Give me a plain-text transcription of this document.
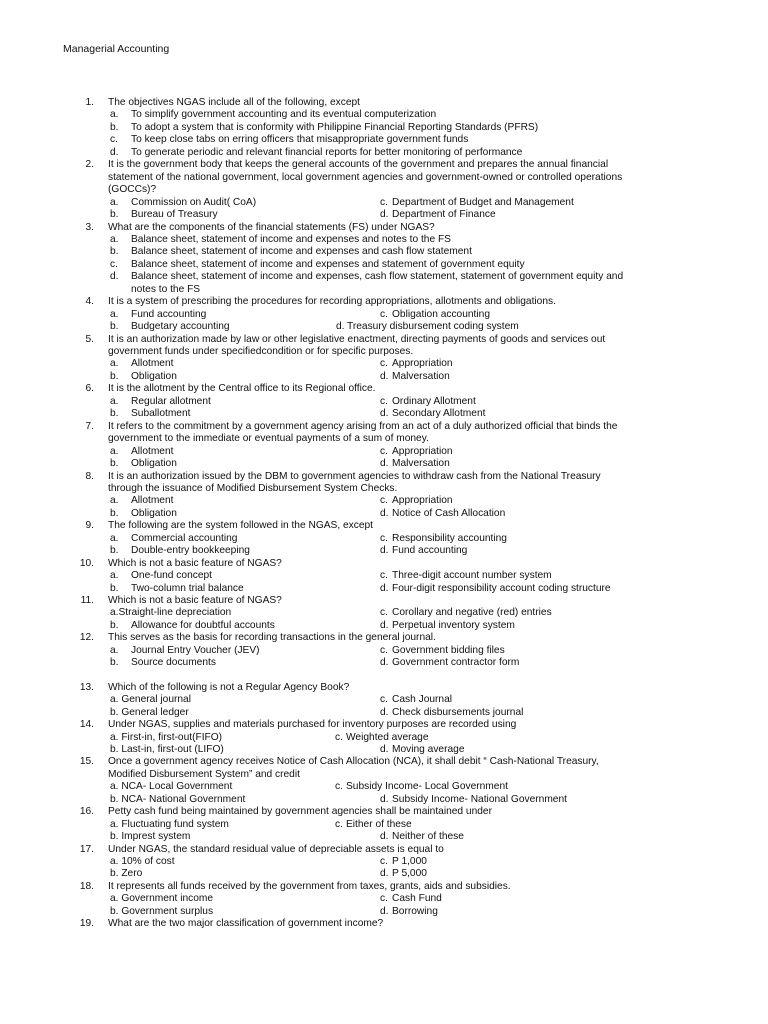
Managerial Accounting
1. The objectives NGAS include all of the following, except
a. To simplify government accounting and its eventual computerization
b. To adopt a system that is conformity with Philippine Financial Reporting Standards (PFRS)
c. To keep close tabs on erring officers that misappropriate government funds
d. To generate periodic and relevant financial reports for better monitoring of performance
2. It is the government body that keeps the general accounts of the government and prepares the annual financial
statement of the national government, local government agencies and government-owned or controlled operations
(GOCCs)?
a. Commission on Audit( CoA)	c. Department of Budget and Management
b. Bureau of Treasury	d. Department of Finance
3. What are the components of the financial statements (FS) under NGAS?
a. Balance sheet, statement of income and expenses and notes to the FS
b. Balance sheet, statement of income and expenses and cash flow statement
c. Balance sheet, statement of income and expenses and statement of government equity
d. Balance sheet, statement of income and expenses, cash flow statement, statement of government equity and
notes to the FS
4. It is a system of prescribing the procedures for recording appropriations, allotments and obligations.
a. Fund accounting	c. Obligation accounting
b. Budgetary accounting	d. Treasury disbursement coding system
5. It is an authorization made by law or other legislative enactment, directing payments of goods and services out
government funds under specifiedcondition or for specific purposes.
a. Allotment	c. Appropriation
b. Obligation	d. Malversation
6. It is the allotment by the Central office to its Regional office.
a. Regular allotment	c. Ordinary Allotment
b. Suballotment	d. Secondary Allotment
7. It refers to the commitment by a government agency arising from an act of a duly authorized official that binds the
government to the immediate or eventual payments of a sum of money.
a. Allotment	c. Appropriation
b. Obligation	d. Malversation
8. It is an authorization issued by the DBM to government agencies to withdraw cash from the National Treasury
through the issuance of Modified Disbursement System Checks.
a. Allotment	c. Appropriation
b. Obligation	d. Notice of Cash Allocation
9. The following are the system followed in the NGAS, except
a. Commercial accounting	c. Responsibility accounting
b. Double-entry bookkeeping	d. Fund accounting
10. Which is not a basic feature of NGAS?
a. One-fund concept	c. Three-digit account number system
b. Two-column trial balance	d. Four-digit responsibility account coding structure
11. Which is not a basic feature of NGAS?
a.Straight-line depreciation	c. Corollary and negative (red) entries
b. Allowance for doubtful accounts	d. Perpetual inventory system
12. This serves as the basis for recording transactions in the general journal.
a. Journal Entry Voucher (JEV)	c. Government bidding files
b. Source documents	d. Government contractor form
13. Which of the following is not a Regular Agency Book?
a. General journal	c. Cash Journal
b. General ledger	d. Check disbursements journal
14. Under NGAS, supplies and materials purchased for inventory purposes are recorded using
a. First-in, first-out(FIFO)	c. Weighted average
b. Last-in, first-out (LIFO)	d. Moving average
15. Once a government agency receives Notice of Cash Allocation (NCA), it shall debit “ Cash-National Treasury,
Modified Disbursement System” and credit
a. NCA- Local Government	c. Subsidy Income- Local Government
b. NCA- National Government	d. Subsidy Income- National Government
16. Petty cash fund being maintained by government agencies shall be maintained under
a. Fluctuating fund system	c. Either of these
b. Imprest system	d. Neither of these
17. Under NGAS, the standard residual value of depreciable assets is equal to
a. 10% of cost	c. P 1,000
b. Zero	d. P 5,000
18. It represents all funds received by the government from taxes, grants, aids and subsidies.
a. Government income	c. Cash Fund
b. Government surplus	d. Borrowing
19. What are the two major classification of government income?
